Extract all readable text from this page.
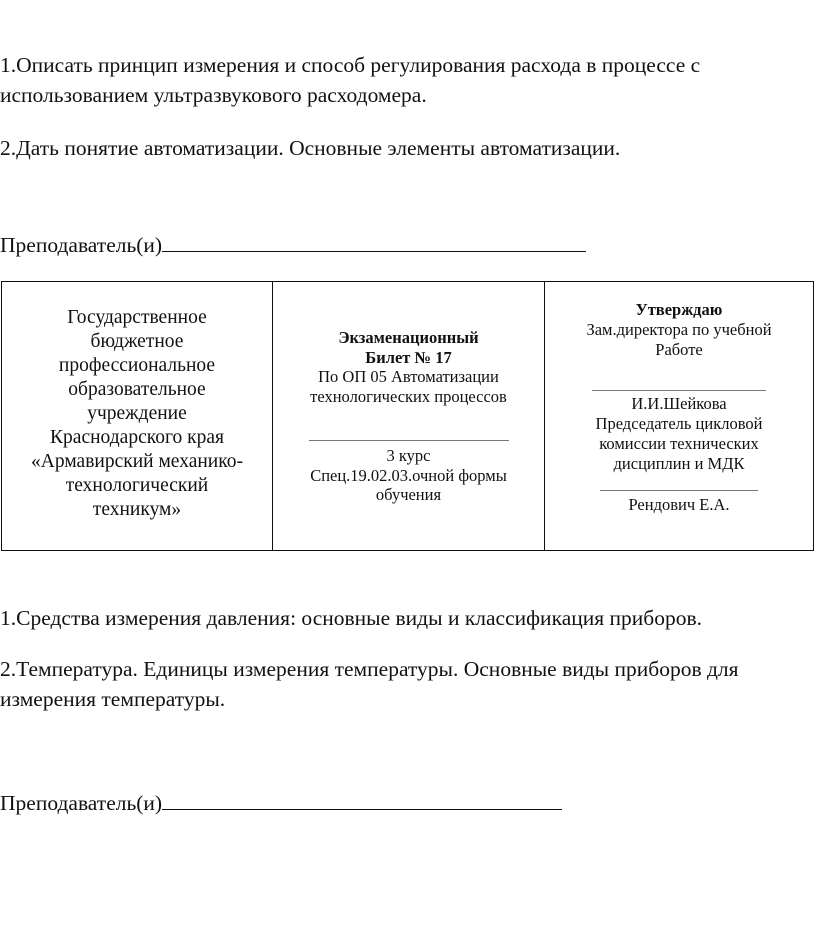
1.Описать принцип измерения и способ регулирования расхода в процессе с использованием ультразвукового расходомера.

2.Дать понятие автоматизации. Основные элементы автоматизации.

Преподаватель(и)
Государственное
бюджетное
профессиональное
образовательное
учреждение
Краснодарского края
«Армавирский механико-
технологический
техникум»
Экзаменационный
Билет № 17
По ОП 05 Автоматизации технологических процессов
3 курс
Спец.19.02.03.очной формы обучения
Утверждаю
Зам.директора по учебной Работе
И.И.Шейкова
Председатель цикловой комиссии технических дисциплин и МДК
Рендович Е.А.

1.Средства измерения давления: основные виды и классификация приборов.

2.Температура. Единицы измерения температуры. Основные виды приборов для измерения температуры.

Преподаватель(и)
